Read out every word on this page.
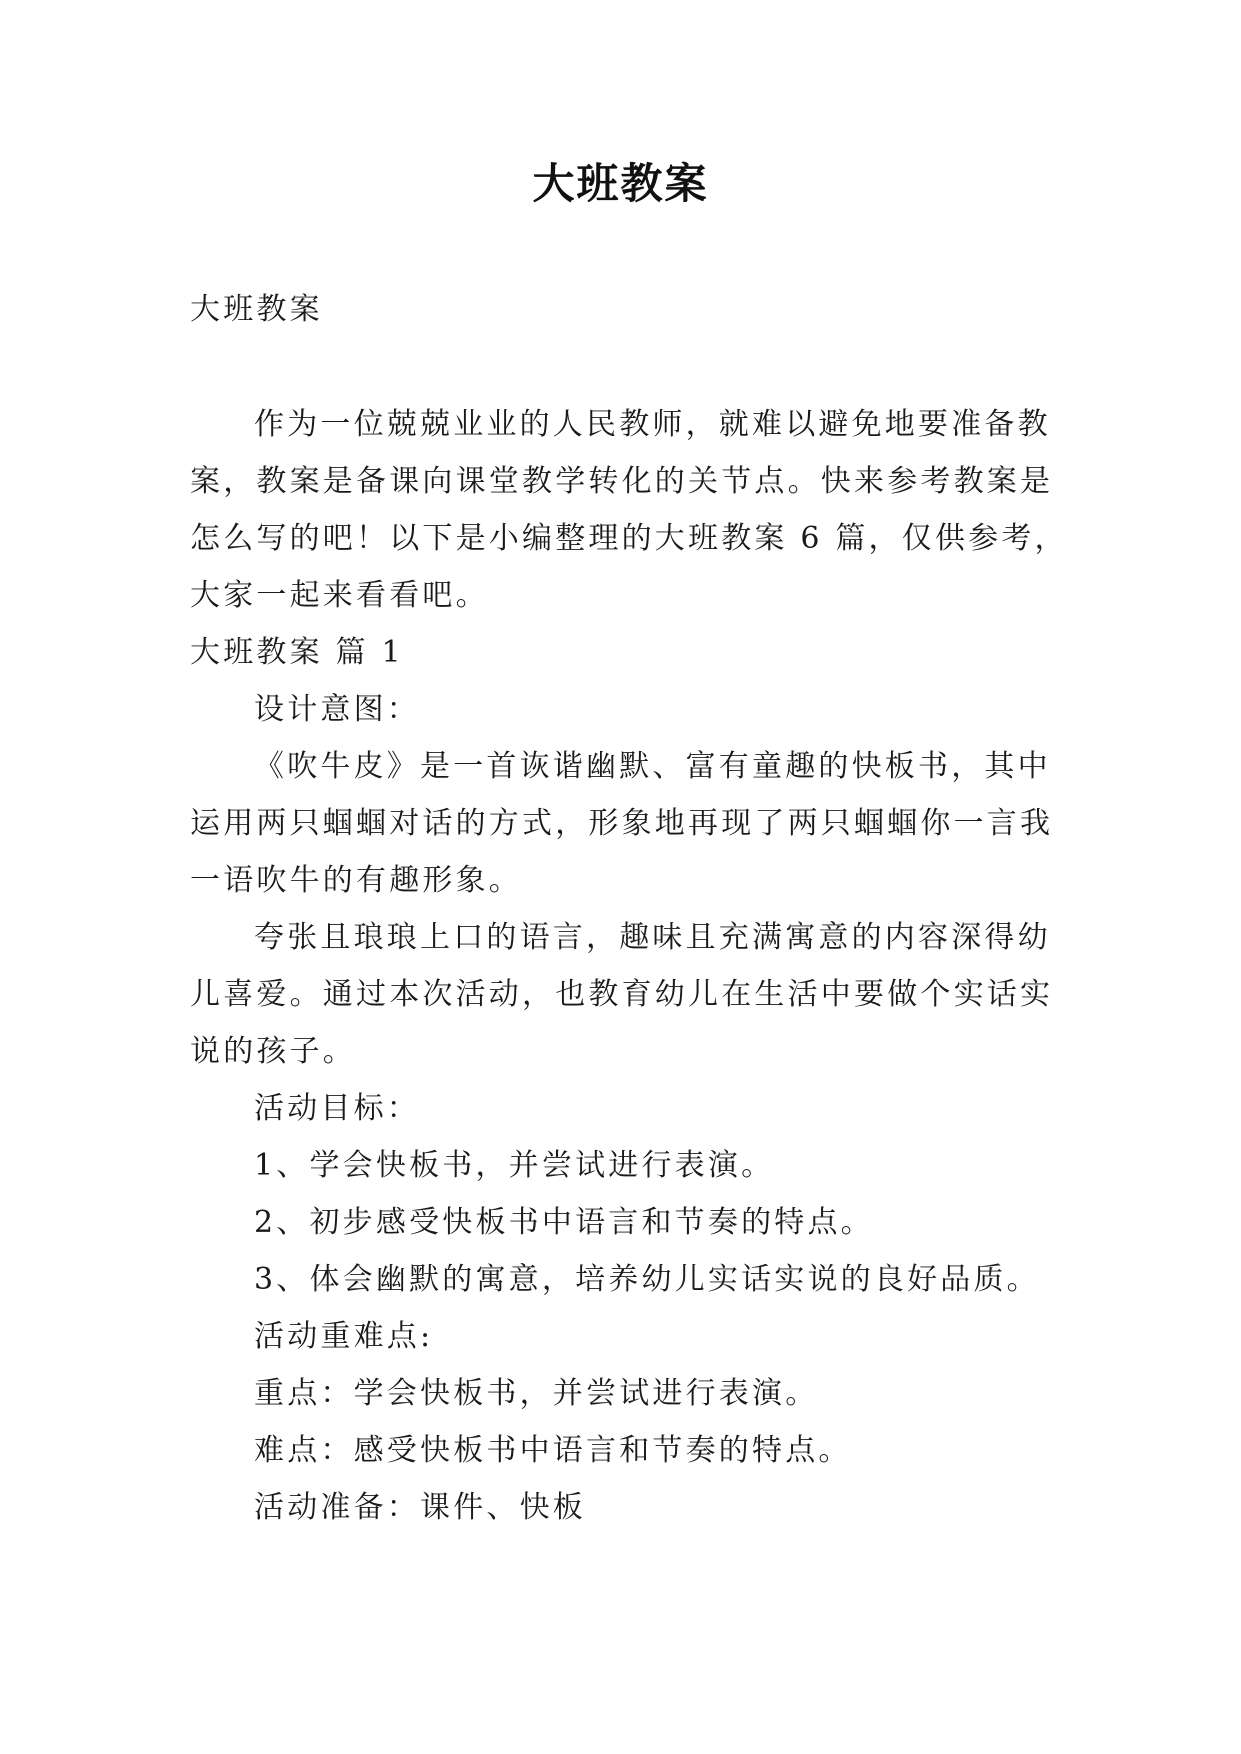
大班教案
大班教案
作为一位兢兢业业的人民教师，就难以避免地要准备教
案，教案是备课向课堂教学转化的关节点。快来参考教案是
怎么写的吧！以下是小编整理的大班教案 6 篇，仅供参考，
大家一起来看看吧。
大班教案 篇 1
设计意图：
《吹牛皮》是一首诙谐幽默、富有童趣的快板书，其中
运用两只蝈蝈对话的方式，形象地再现了两只蝈蝈你一言我
一语吹牛的有趣形象。
夸张且琅琅上口的语言，趣味且充满寓意的内容深得幼
儿喜爱。通过本次活动，也教育幼儿在生活中要做个实话实
说的孩子。
活动目标：
1、学会快板书，并尝试进行表演。
2、初步感受快板书中语言和节奏的特点。
3、体会幽默的寓意，培养幼儿实话实说的良好品质。
活动重难点:
重点：学会快板书，并尝试进行表演。
难点：感受快板书中语言和节奏的特点。
活动准备：课件、快板
